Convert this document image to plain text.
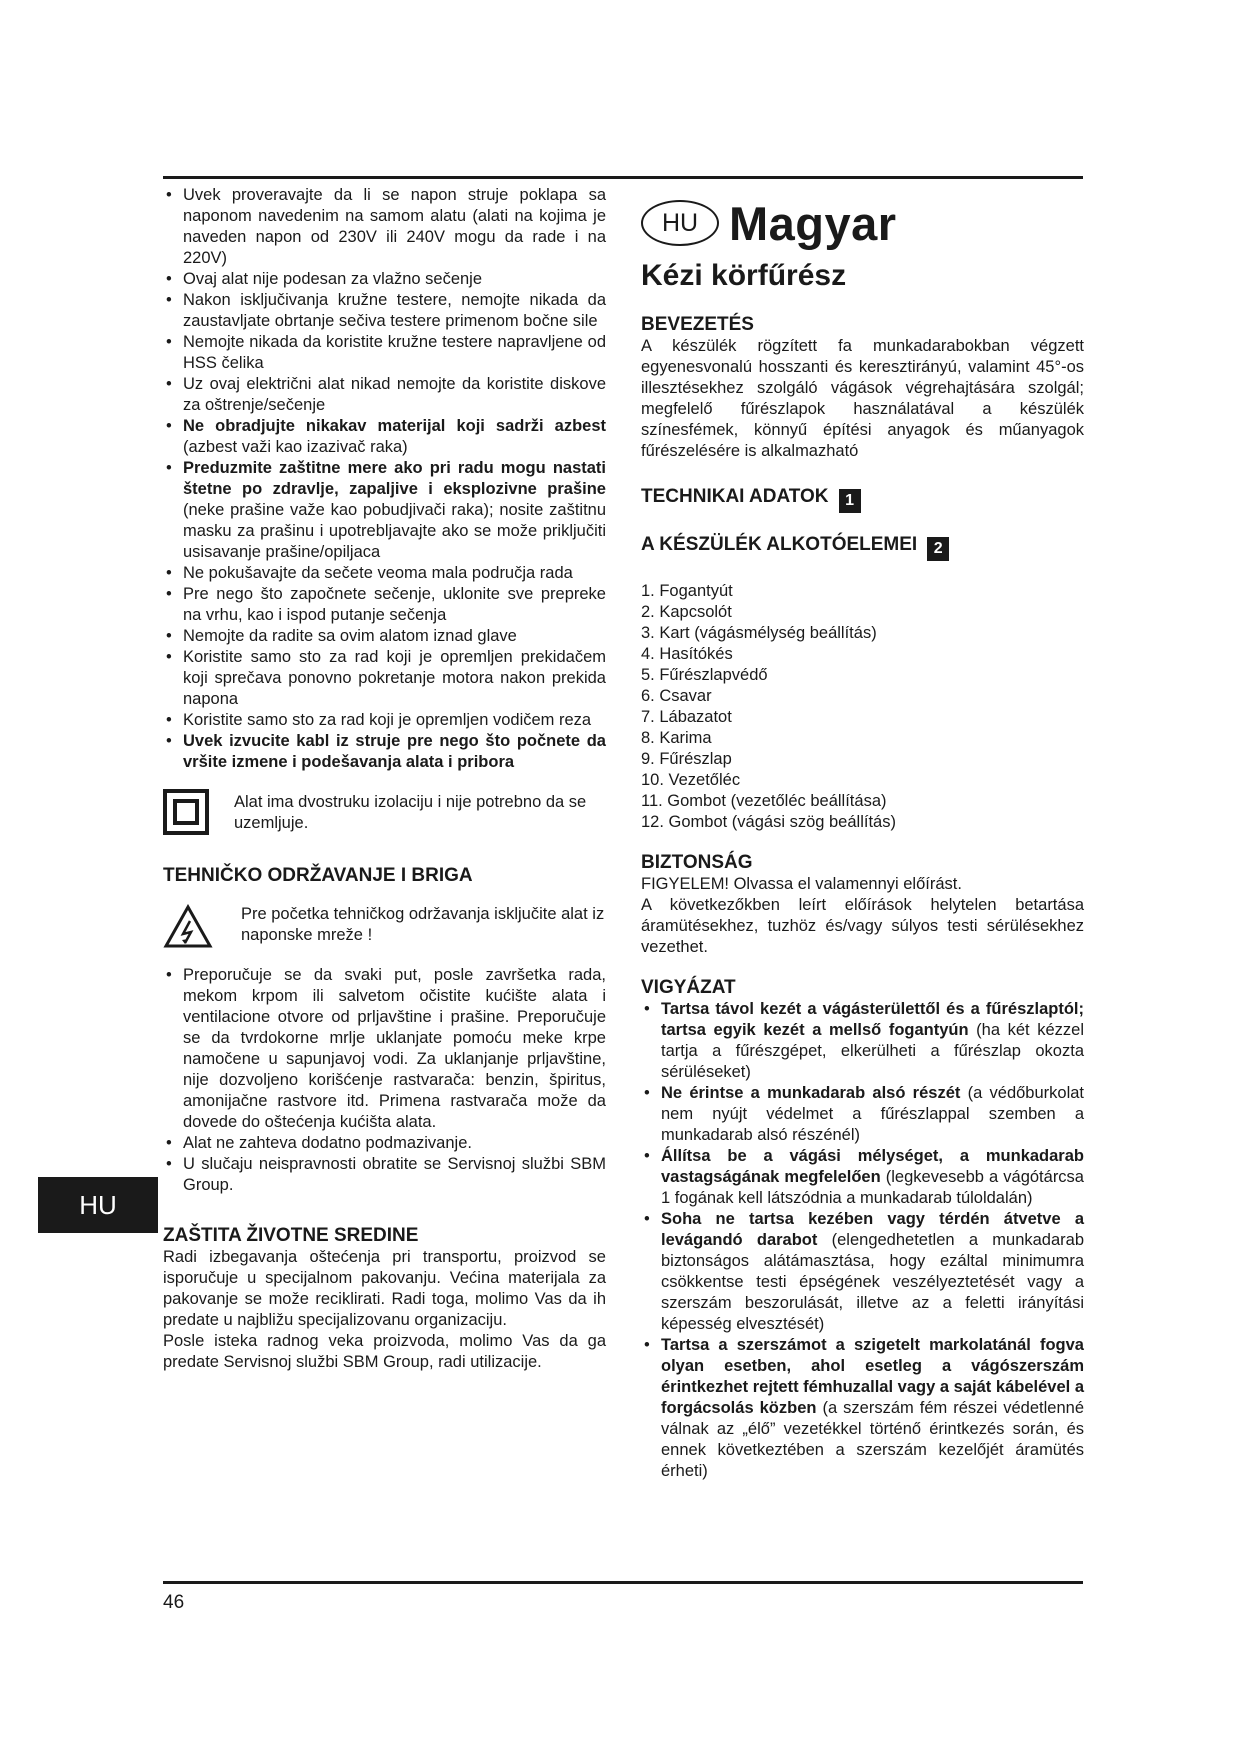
• Uvek proveravajte da li se napon struje poklapa sa naponom navedenim na samom alatu (alati na kojima je naveden napon od 230V ili 240V mogu da rade i na 220V)
• Ovaj alat nije podesan za vlažno sečenje
• Nakon isključivanja kružne testere, nemojte nikada da zaustavljate obrtanje sečiva testere primenom bočne sile
• Nemojte nikada da koristite kružne testere napravljene od HSS čelika
• Uz ovaj električni alat nikad nemojte da koristite diskove za oštrenje/sečenje
• Ne obradjujte nikakav materijal koji sadrži azbest (azbest važi kao izazivač raka)
• Preduzmite zaštitne mere ako pri radu mogu nastati štetne po zdravlje, zapaljive i eksplozivne prašine (neke prašine važe kao pobudjivači raka); nosite zaštitnu masku za prašinu i upotrebljavajte ako se može priključiti usisavanje prašine/opiljaca
• Ne pokušavajte da sečete veoma mala područja rada
• Pre nego što započnete sečenje, uklonite sve prepreke na vrhu, kao i ispod putanje sečenja
• Nemojte da radite sa ovim alatom iznad glave
• Koristite samo sto za rad koji je opremljen prekidačem koji sprečava ponovno pokretanje motora nakon prekida napona
• Koristite samo sto za rad koji je opremljen vodičem reza
• Uvek izvucite kabl iz struje pre nego što počnete da vršite izmene i podešavanja alata i pribora
Alat ima dvostruku izolaciju i nije potrebno da se uzemljuje.
TEHNIČKO ODRŽAVANJE I BRIGA
Pre početka tehničkog održavanja isključite alat iz naponske mreže !
• Preporučuje se da svaki put, posle završetka rada, mekom krpom ili salvetom očistite kućište alata i ventilacione otvore od prljavštine i prašine. Preporučuje se da tvrdokorne mrlje uklanjate pomoću meke krpe namočene u sapunjavoj vodi. Za uklanjanje prljavštine, nije dozvoljeno korišćenje rastvarača: benzin, špiritus, amonijačne rastvore itd. Primena rastvarača može da dovede do oštećenja kućišta alata.
• Alat ne zahteva dodatno podmazivanje.
• U slučaju neispravnosti obratite se Servisnoj službi SBM Group.
ZAŠTITA ŽIVOTNE SREDINE

Radi izbegavanja oštećenja pri transportu, proizvod se isporučuje u specijalnom pakovanju. Većina materijala za pakovanje se može reciklirati. Radi toga, molimo Vas da ih predate u najbližu specijalizovanu organizaciju.

Posle isteka radnog veka proizvoda, molimo Vas da ga predate Servisnoj službi SBM Group, radi utilizacije.

HU Magyar
Kézi körfűrész
BEVEZETÉS

A készülék rögzített fa munkadarabokban végzett egyenesvonalú hosszanti és keresztirányú, valamint 45°-os illesztésekhez szolgáló vágások végrehajtására szolgál; megfelelő fűrészlapok használatával a készülék színesfémek, könnyű építési anyagok és műanyagok fűrészelésére is alkalmazható

TECHNIKAI ADATOK 1
A KÉSZÜLÉK ALKOTÓELEMEI 2
1. Fogantyút
2. Kapcsolót
3. Kart (vágásmélység beállítás)
4. Hasítókés
5. Fűrészlapvédő
6. Csavar
7. Lábazatot
8. Karima
9. Fűrészlap
10. Vezetőléc
11. Gombot (vezetőléc beállítása)
12. Gombot (vágási szög beállítás)
BIZTONSÁG

FIGYELEM! Olvassa el valamennyi előírást.

A következőkben leírt előírások helytelen betartása áramütésekhez, tuzhöz és/vagy súlyos testi sérülésekhez vezethet.

VIGYÁZAT
• Tartsa távol kezét a vágásterülettől és a fűrészlaptól; tartsa egyik kezét a mellső fogantyún (ha két kézzel tartja a fűrészgépet, elkerülheti a fűrészlap okozta sérüléseket)
• Ne érintse a munkadarab alsó részét (a védőburkolat nem nyújt védelmet a fűrészlappal szemben a munkadarab alsó részénél)
• Állítsa be a vágási mélységet, a munkadarab vastagságának megfelelően (legkevesebb a vágótárcsa 1 fogának kell látszódnia a munkadarab túloldalán)
• Soha ne tartsa kezében vagy térdén átvetve a levágandó darabot (elengedhetetlen a munkadarab biztonságos alátámasztása, hogy ezáltal minimumra csökkentse testi épségének veszélyeztetését vagy a szerszám beszorulását, illetve az a feletti irányítási képesség elvesztését)
• Tartsa a szerszámot a szigetelt markolatánál fogva olyan esetben, ahol esetleg a vágószerszám érintkezhet rejtett fémhuzallal vagy a saját kábelével a forgácsolás közben (a szerszám fém részei védetlenné válnak az „élő” vezetékkel történő érintkezés során, és ennek következtében a szerszám kezelőjét áramütés érheti)
HU
46
